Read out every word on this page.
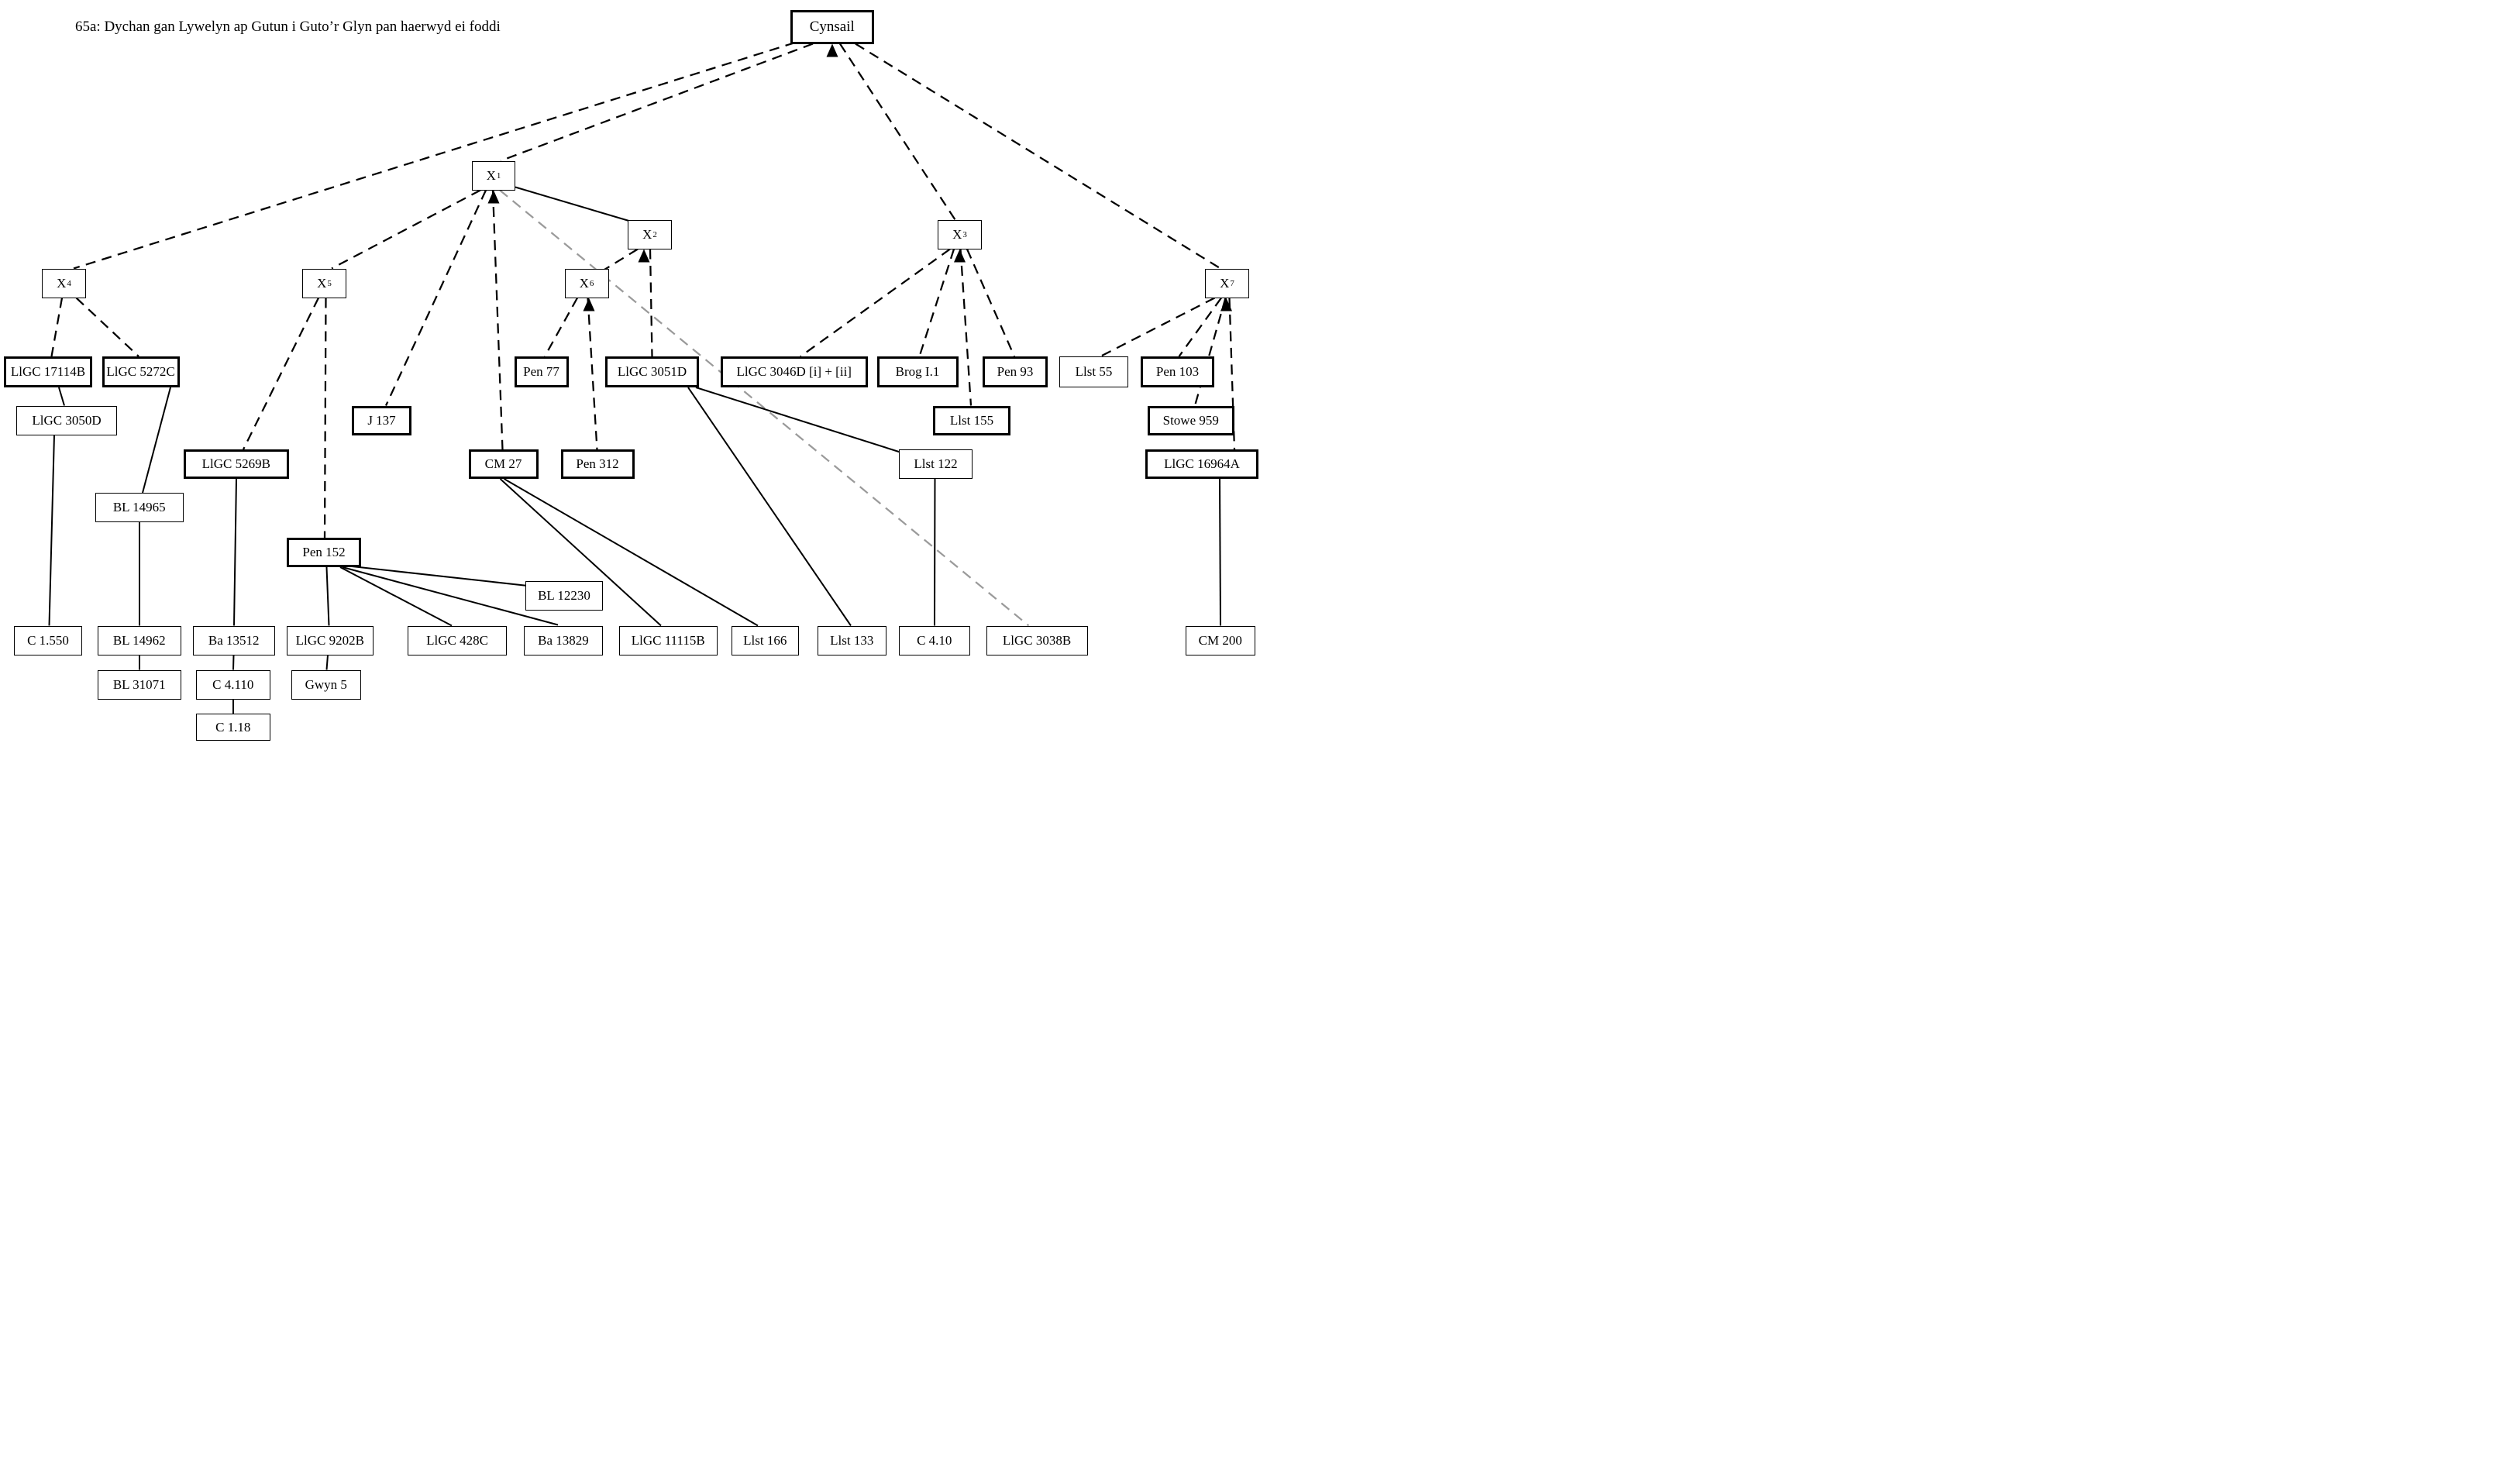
65a: Dychan gan Lywelyn ap Gutun i Guto’r Glyn pan haerwyd ei foddi	Cynsail
X 1
X 2	X 3
X 4	X 5	X 6	X 7
LlGC 17114B LlGC 5272C	Pen 77	LlGC 3051D	LlGC 3046D [i] + [ii]	Brog I.1	Pen 93	Llst 55	Pen 103
LlGC 3050D	J 137	Llst 155	Stowe 959
LlGC 5269B	CM 27	Pen 312	Llst 122	LlGC 16964A
BL 14965
Pen 152
BL 12230
C 1.550	BL 14962	Ba 13512	LlGC 9202B	LlGC 428C	Ba 13829	LlGC 11115B	Llst 166	Llst 133	C 4.10	LlGC 3038B	CM 200
BL 31071	C 4.110	Gwyn 5
C 1.18
